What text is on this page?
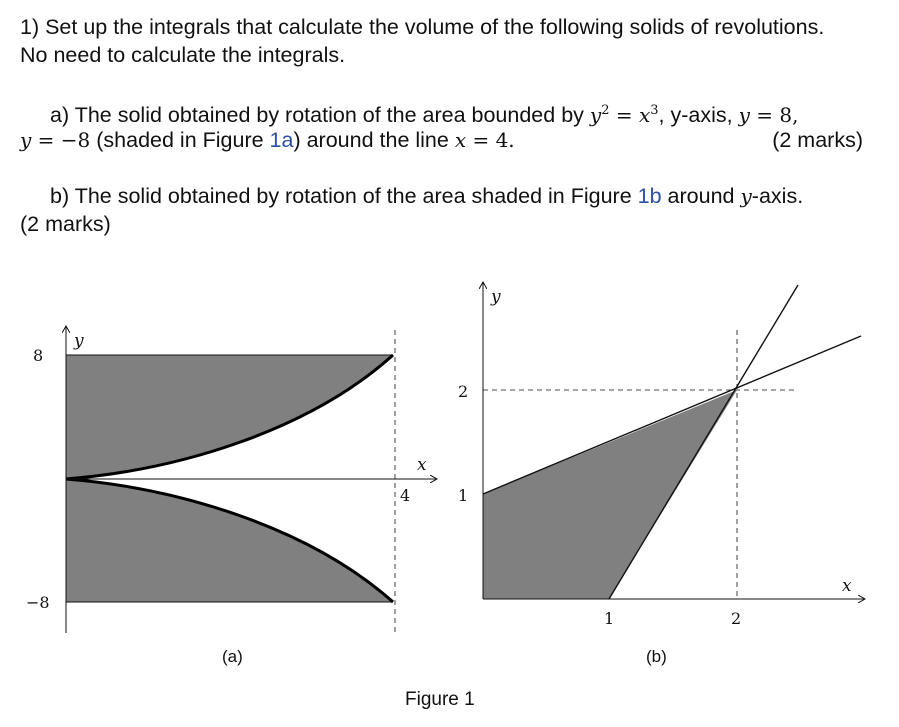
1) Set up the integrals that calculate the volume of the following solids of revolutions.
No need to calculate the integrals.
a) The solid obtained by rotation of the area bounded by $y^2 = x^3$, y-axis, y = 8,
y = −8 (shaded in Figure 1a) around the line x = 4.	(2 marks)
b) The solid obtained by rotation of the area shaded in Figure 1b around y-axis.
(2 marks)
y
x
8
−8
4
(a)
y
x
2
1
1	2
(b)
Figure 1
